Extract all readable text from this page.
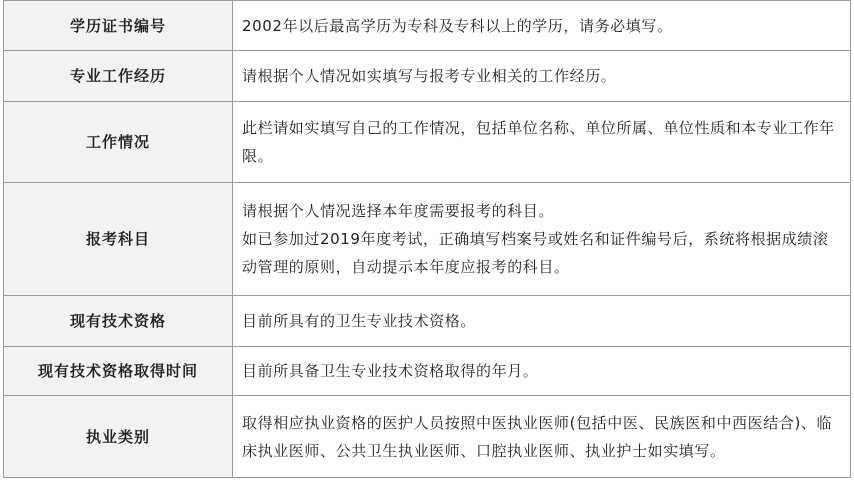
学历证书编号	2002年以后最高学历为专科及专科以上的学历，请务必填写。

专业工作经历	请根据个人情况如实填写与报考专业相关的工作经历。

工作情况	此栏请如实填写自己的工作情况，包括单位名称、单位所属、单位性质和本专业工作年限。

报考科目	请根据个人情况选择本年度需要报考的科目。
如已参加过2019年度考试，正确填写档案号或姓名和证件编号后，系统将根据成绩滚动管理的原则，自动提示本年度应报考的科目。

现有技术资格	目前所具有的卫生专业技术资格。

现有技术资格取得时间	目前所具备卫生专业技术资格取得的年月。

执业类别	取得相应执业资格的医护人员按照中医执业医师(包括中医、民族医和中西医结合)、临床执业医师、公共卫生执业医师、口腔执业医师、执业护士如实填写。
